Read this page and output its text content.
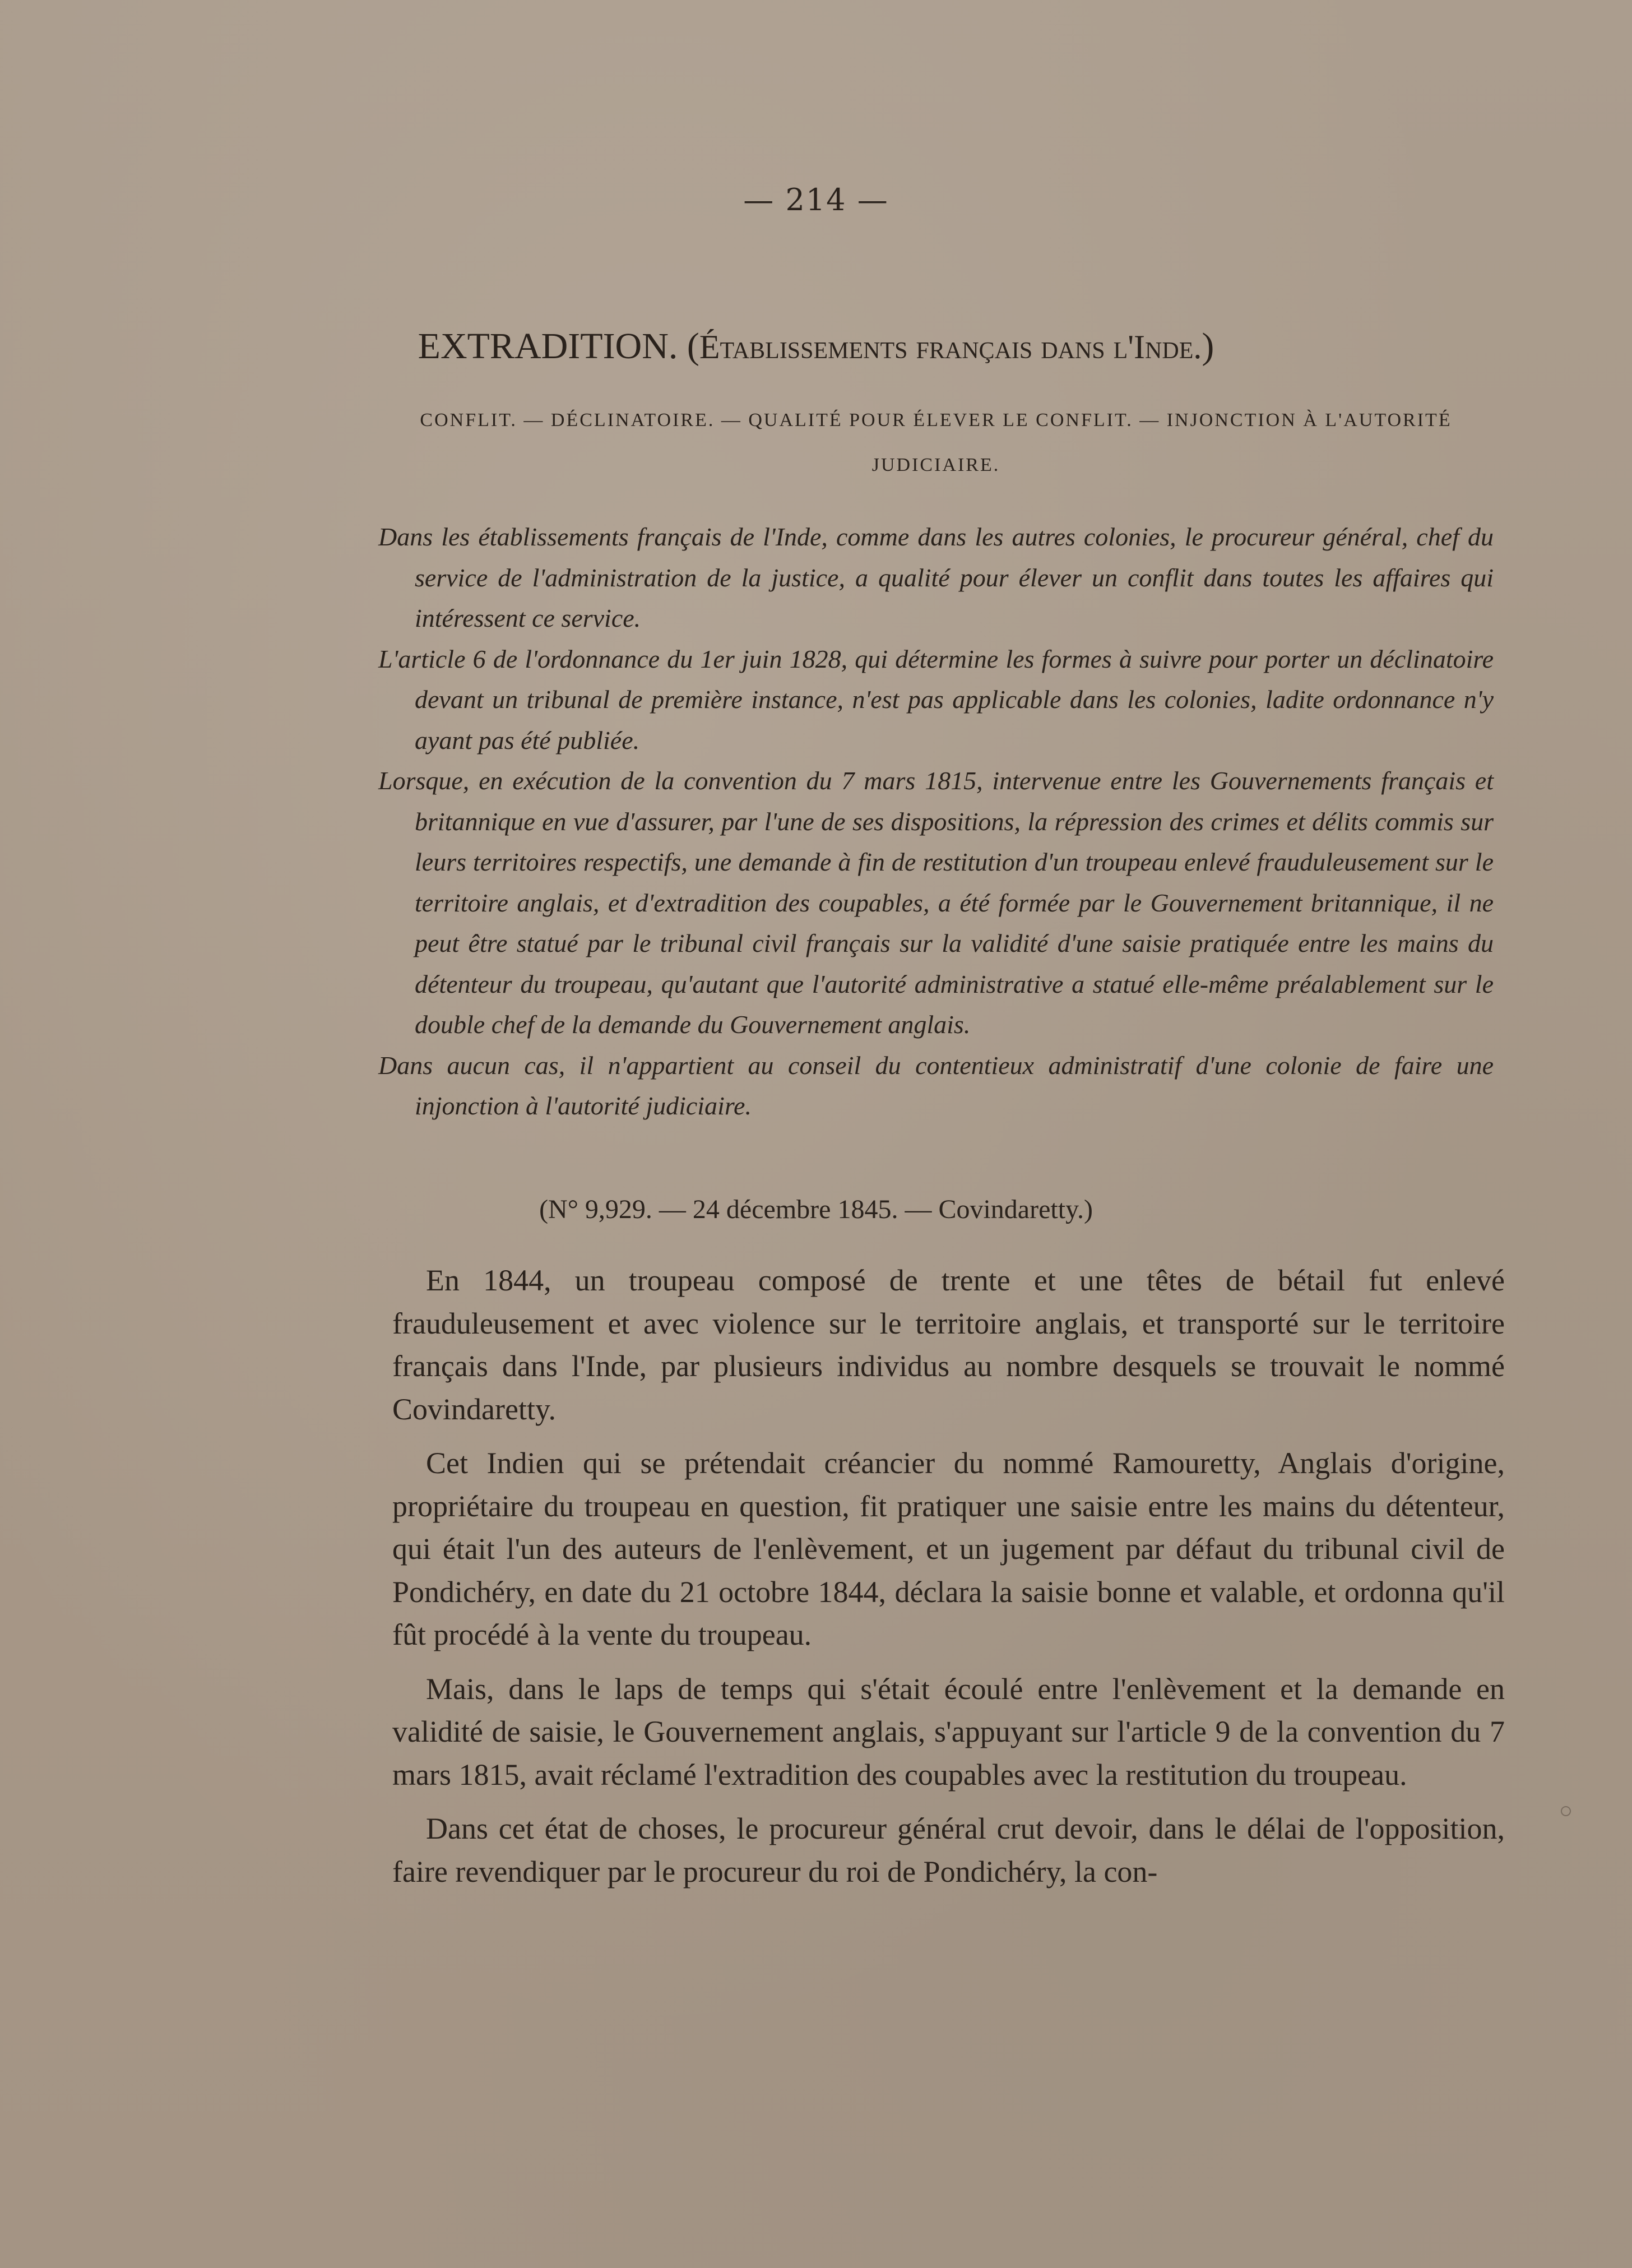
— 214 —
EXTRADITION. (Établissements français dans l'Inde.)
CONFLIT. — DÉCLINATOIRE. — QUALITÉ POUR ÉLEVER LE CONFLIT. — INJONCTION À L'AUTORITÉ JUDICIAIRE.

Dans les établissements français de l'Inde, comme dans les autres colonies, le procureur général, chef du service de l'administration de la justice, a qualité pour élever un conflit dans toutes les affaires qui intéressent ce service.

L'article 6 de l'ordonnance du 1er juin 1828, qui détermine les formes à suivre pour porter un déclinatoire devant un tribunal de première instance, n'est pas applicable dans les colonies, ladite ordonnance n'y ayant pas été publiée.

Lorsque, en exécution de la convention du 7 mars 1815, intervenue entre les Gouvernements français et britannique en vue d'assurer, par l'une de ses dispositions, la répression des crimes et délits commis sur leurs territoires respectifs, une demande à fin de restitution d'un troupeau enlevé frauduleusement sur le territoire anglais, et d'extradition des coupables, a été formée par le Gouvernement britannique, il ne peut être statué par le tribunal civil français sur la validité d'une saisie pratiquée entre les mains du détenteur du troupeau, qu'autant que l'autorité administrative a statué elle-même préalablement sur le double chef de la demande du Gouvernement anglais.

Dans aucun cas, il n'appartient au conseil du contentieux administratif d'une colonie de faire une injonction à l'autorité judiciaire.

(N° 9,929. — 24 décembre 1845. — Covindaretty.)

En 1844, un troupeau composé de trente et une têtes de bétail fut enlevé frauduleusement et avec violence sur le territoire anglais, et transporté sur le territoire français dans l'Inde, par plusieurs individus au nombre desquels se trouvait le nommé Covindaretty.

Cet Indien qui se prétendait créancier du nommé Ramouretty, Anglais d'origine, propriétaire du troupeau en question, fit pratiquer une saisie entre les mains du détenteur, qui était l'un des auteurs de l'enlèvement, et un jugement par défaut du tribunal civil de Pondichéry, en date du 21 octobre 1844, déclara la saisie bonne et valable, et ordonna qu'il fût procédé à la vente du troupeau.

Mais, dans le laps de temps qui s'était écoulé entre l'enlèvement et la demande en validité de saisie, le Gouvernement anglais, s'appuyant sur l'article 9 de la convention du 7 mars 1815, avait réclamé l'extradition des coupables avec la restitution du troupeau.

Dans cet état de choses, le procureur général crut devoir, dans le délai de l'opposition, faire revendiquer par le procureur du roi de Pondichéry, la con-
